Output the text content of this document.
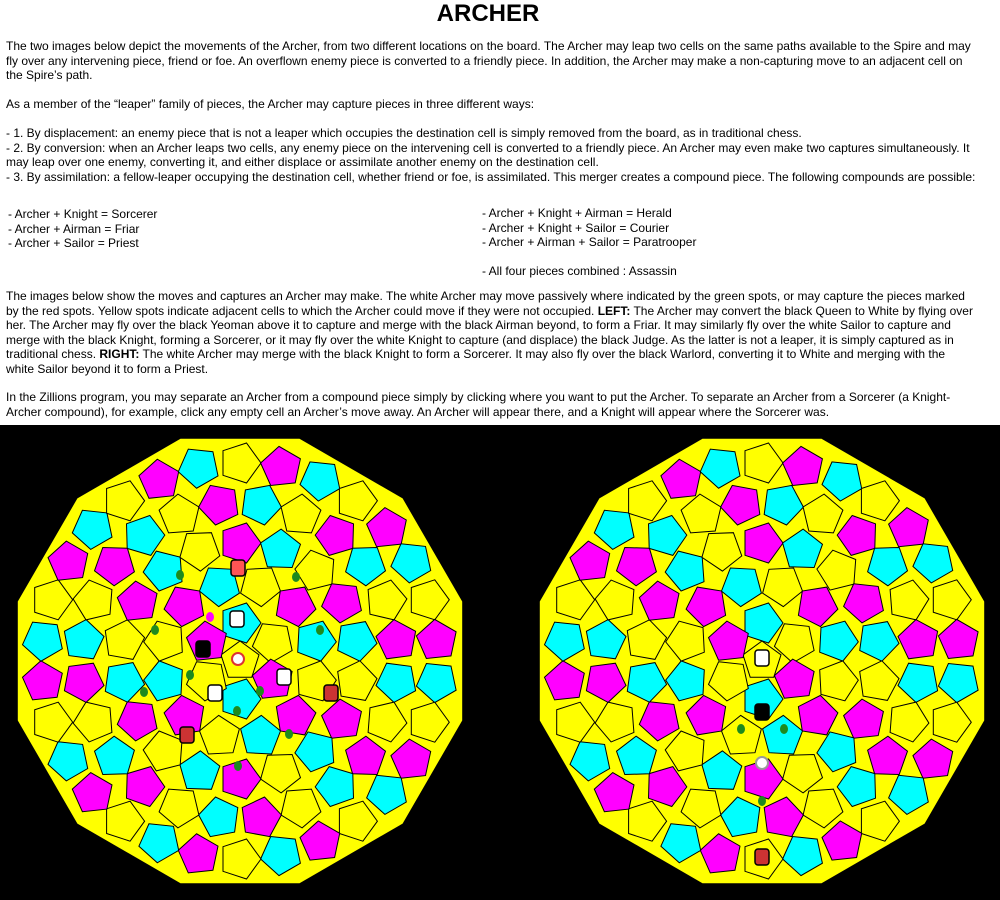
ARCHER

The two images below depict the movements of the Archer, from two different locations on the board. The Archer may leap two cells on the same paths available to the Spire and may fly over any intervening piece, friend or foe. An overflown enemy piece is converted to a friendly piece. In addition, the Archer may make a non-capturing move to an adjacent cell on the Spire’s path.

As a member of the “leaper” family of pieces, the Archer may capture pieces in three different ways:

- 1. By displacement: an enemy piece that is not a leaper which occupies the destination cell is simply removed from the board, as in traditional chess.
- 2. By conversion: when an Archer leaps two cells, any enemy piece on the intervening cell is converted to a friendly piece. An Archer may even make two captures simultaneously. It may leap over one enemy, converting it, and either displace or assimilate another enemy on the destination cell.
- 3. By assimilation: a fellow-leaper occupying the destination cell, whether friend or foe, is assimilated. This merger creates a compound piece. The following compounds are possible:
- Archer + Knight = Sorcerer
- Archer + Airman = Friar
- Archer + Sailor = Priest
- Archer + Knight + Airman = Herald
- Archer + Knight + Sailor = Courier
- Archer + Airman + Sailor = Paratrooper
- All four pieces combined : Assassin

The images below show the moves and captures an Archer may make. The white Archer may move passively where indicated by the green spots, or may capture the pieces marked by the red spots. Yellow spots indicate adjacent cells to which the Archer could move if they were not occupied. LEFT: The Archer may convert the black Queen to White by flying over her. The Archer may fly over the black Yeoman above it to capture and merge with the black Airman beyond, to form a Friar. It may similarly fly over the white Sailor to capture and merge with the black Knight, forming a Sorcerer, or it may fly over the white Knight to capture (and displace) the black Judge. As the latter is not a leaper, it is simply captured as in traditional chess. RIGHT: The white Archer may merge with the black Knight to form a Sorcerer. It may also fly over the black Warlord, converting it to White and merging with the white Sailor beyond it to form a Priest.

In the Zillions program, you may separate an Archer from a compound piece simply by clicking where you want to put the Archer. To separate an Archer from a Sorcerer (a Knight-Archer compound), for example, click any empty cell an Archer’s move away. An Archer will appear there, and a Knight will appear where the Sorcerer was.
